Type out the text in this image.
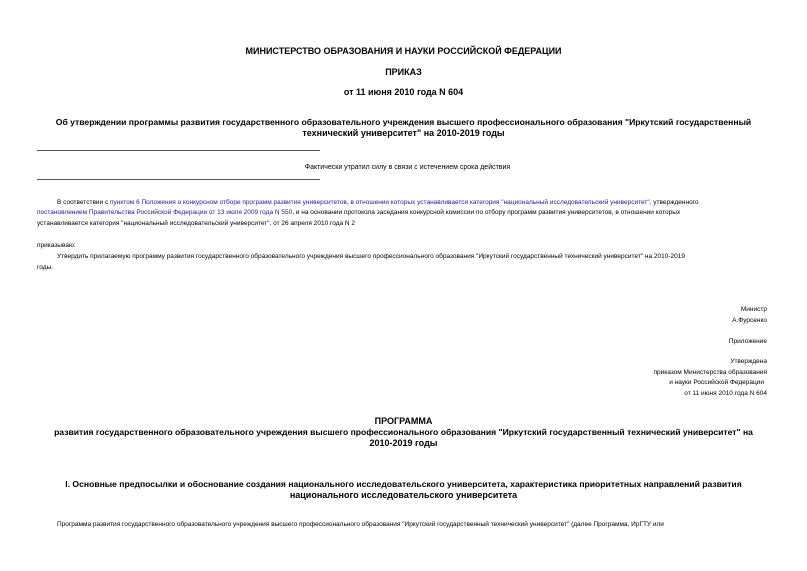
МИНИСТЕРСТВО ОБРАЗОВАНИЯ И НАУКИ РОССИЙСКОЙ ФЕДЕРАЦИИ
ПРИКАЗ
от 11 июня 2010 года N 604
Об утверждении программы развития государственного образовательного учреждения высшего профессионального образования "Иркутский государственный
технический университет" на 2010-2019 годы
Фактически утратил силу в связи с истечением срока действия
В соответствии с пунктом 6 Положения о конкурсном отборе программ развития университетов, в отношении которых устанавливается категория "национальный исследовательский университет", утвержденного
постановлением Правительства Российской Федерации от 13 июля 2009 года N 550, и на основании протокола заседания конкурсной комиссии по отбору программ развития университетов, в отношении которых
устанавливается категория "национальный исследовательский университет", от 26 апреля 2010 года N 2
приказываю:
Утвердить прилагаемую программу развития государственного образовательного учреждения высшего профессионального образования "Иркутский государственный технический университет" на 2010-2019
годы.
Министр
А.Фурсенко
Приложение
Утверждена
приказом Министерства образования
и науки Российской Федерации
от 11 июня 2010 года N 604
ПРОГРАММА
развития государственного образовательного учреждения высшего профессионального образования "Иркутский государственный технический университет" на
2010-2019 годы
I. Основные предпосылки и обоснование создания национального исследовательского университета, характеристика приоритетных направлений развития
национального исследовательского университета
Программа развития государственного образовательного учреждения высшего профессионального образования "Иркутский государственный технический университет" (далее Программа, ИрГТУ или
